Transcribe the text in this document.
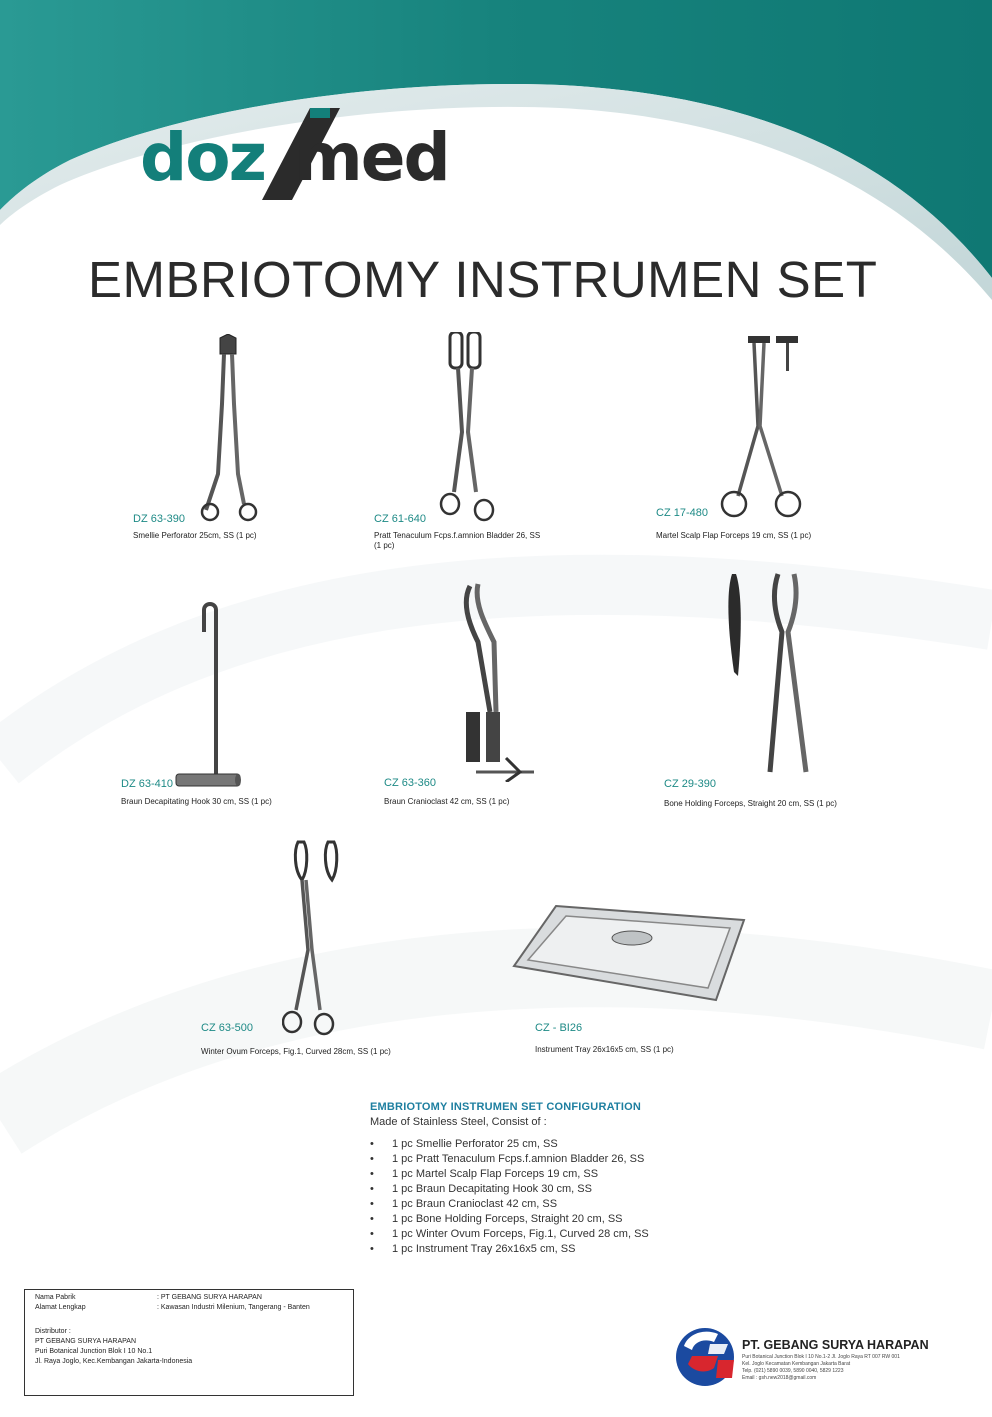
doz med
EMBRIOTOMY INSTRUMEN SET
DZ 63-390
Smellie Perforator 25cm, SS (1 pc)
CZ 61-640
Pratt Tenaculum Fcps.f.amnion Bladder 26, SS (1 pc)
CZ 17-480
Martel Scalp Flap Forceps 19 cm, SS (1 pc)
DZ 63-410
Braun Decapitating Hook 30 cm, SS (1 pc)
CZ 63-360
Braun Cranioclast 42 cm, SS (1 pc)
CZ 29-390
Bone Holding Forceps, Straight 20 cm, SS (1 pc)
CZ 63-500
Winter Ovum Forceps, Fig.1, Curved 28cm, SS (1 pc)
CZ - BI26
Instrument Tray 26x16x5 cm, SS (1 pc)
EMBRIOTOMY INSTRUMEN SET CONFIGURATION
Made of Stainless Steel, Consist of :
• 1 pc Smellie Perforator 25 cm, SS
• 1 pc Pratt Tenaculum Fcps.f.amnion Bladder 26, SS
• 1 pc Martel Scalp Flap Forceps 19 cm, SS
• 1 pc Braun Decapitating Hook 30 cm, SS
• 1 pc Braun Cranioclast 42 cm, SS
• 1 pc Bone Holding Forceps, Straight 20 cm, SS
• 1 pc Winter Ovum Forceps, Fig.1, Curved 28 cm, SS
• 1 pc Instrument Tray 26x16x5 cm, SS
Nama Pabrik	: PT GEBANG SURYA HARAPAN
Alamat Lengkap	: Kawasan Industri Milenium, Tangerang - Banten
Distributor :
PT GEBANG SURYA HARAPAN
Puri Botanical Junction Blok I 10 No.1
Jl. Raya Joglo, Kec.Kembangan Jakarta-Indonesia
PT. GEBANG SURYA HARAPAN
Puri Botanical Junction Blok I 10 No.1-2 Jl. Joglo Raya RT 007 RW 001
Kel. Joglo Kecamatan Kembangan Jakarta Barat
Telp. (021) 5890 0039, 5890 0040, 5829 1223
Email : gsh.new2018@gmail.com
